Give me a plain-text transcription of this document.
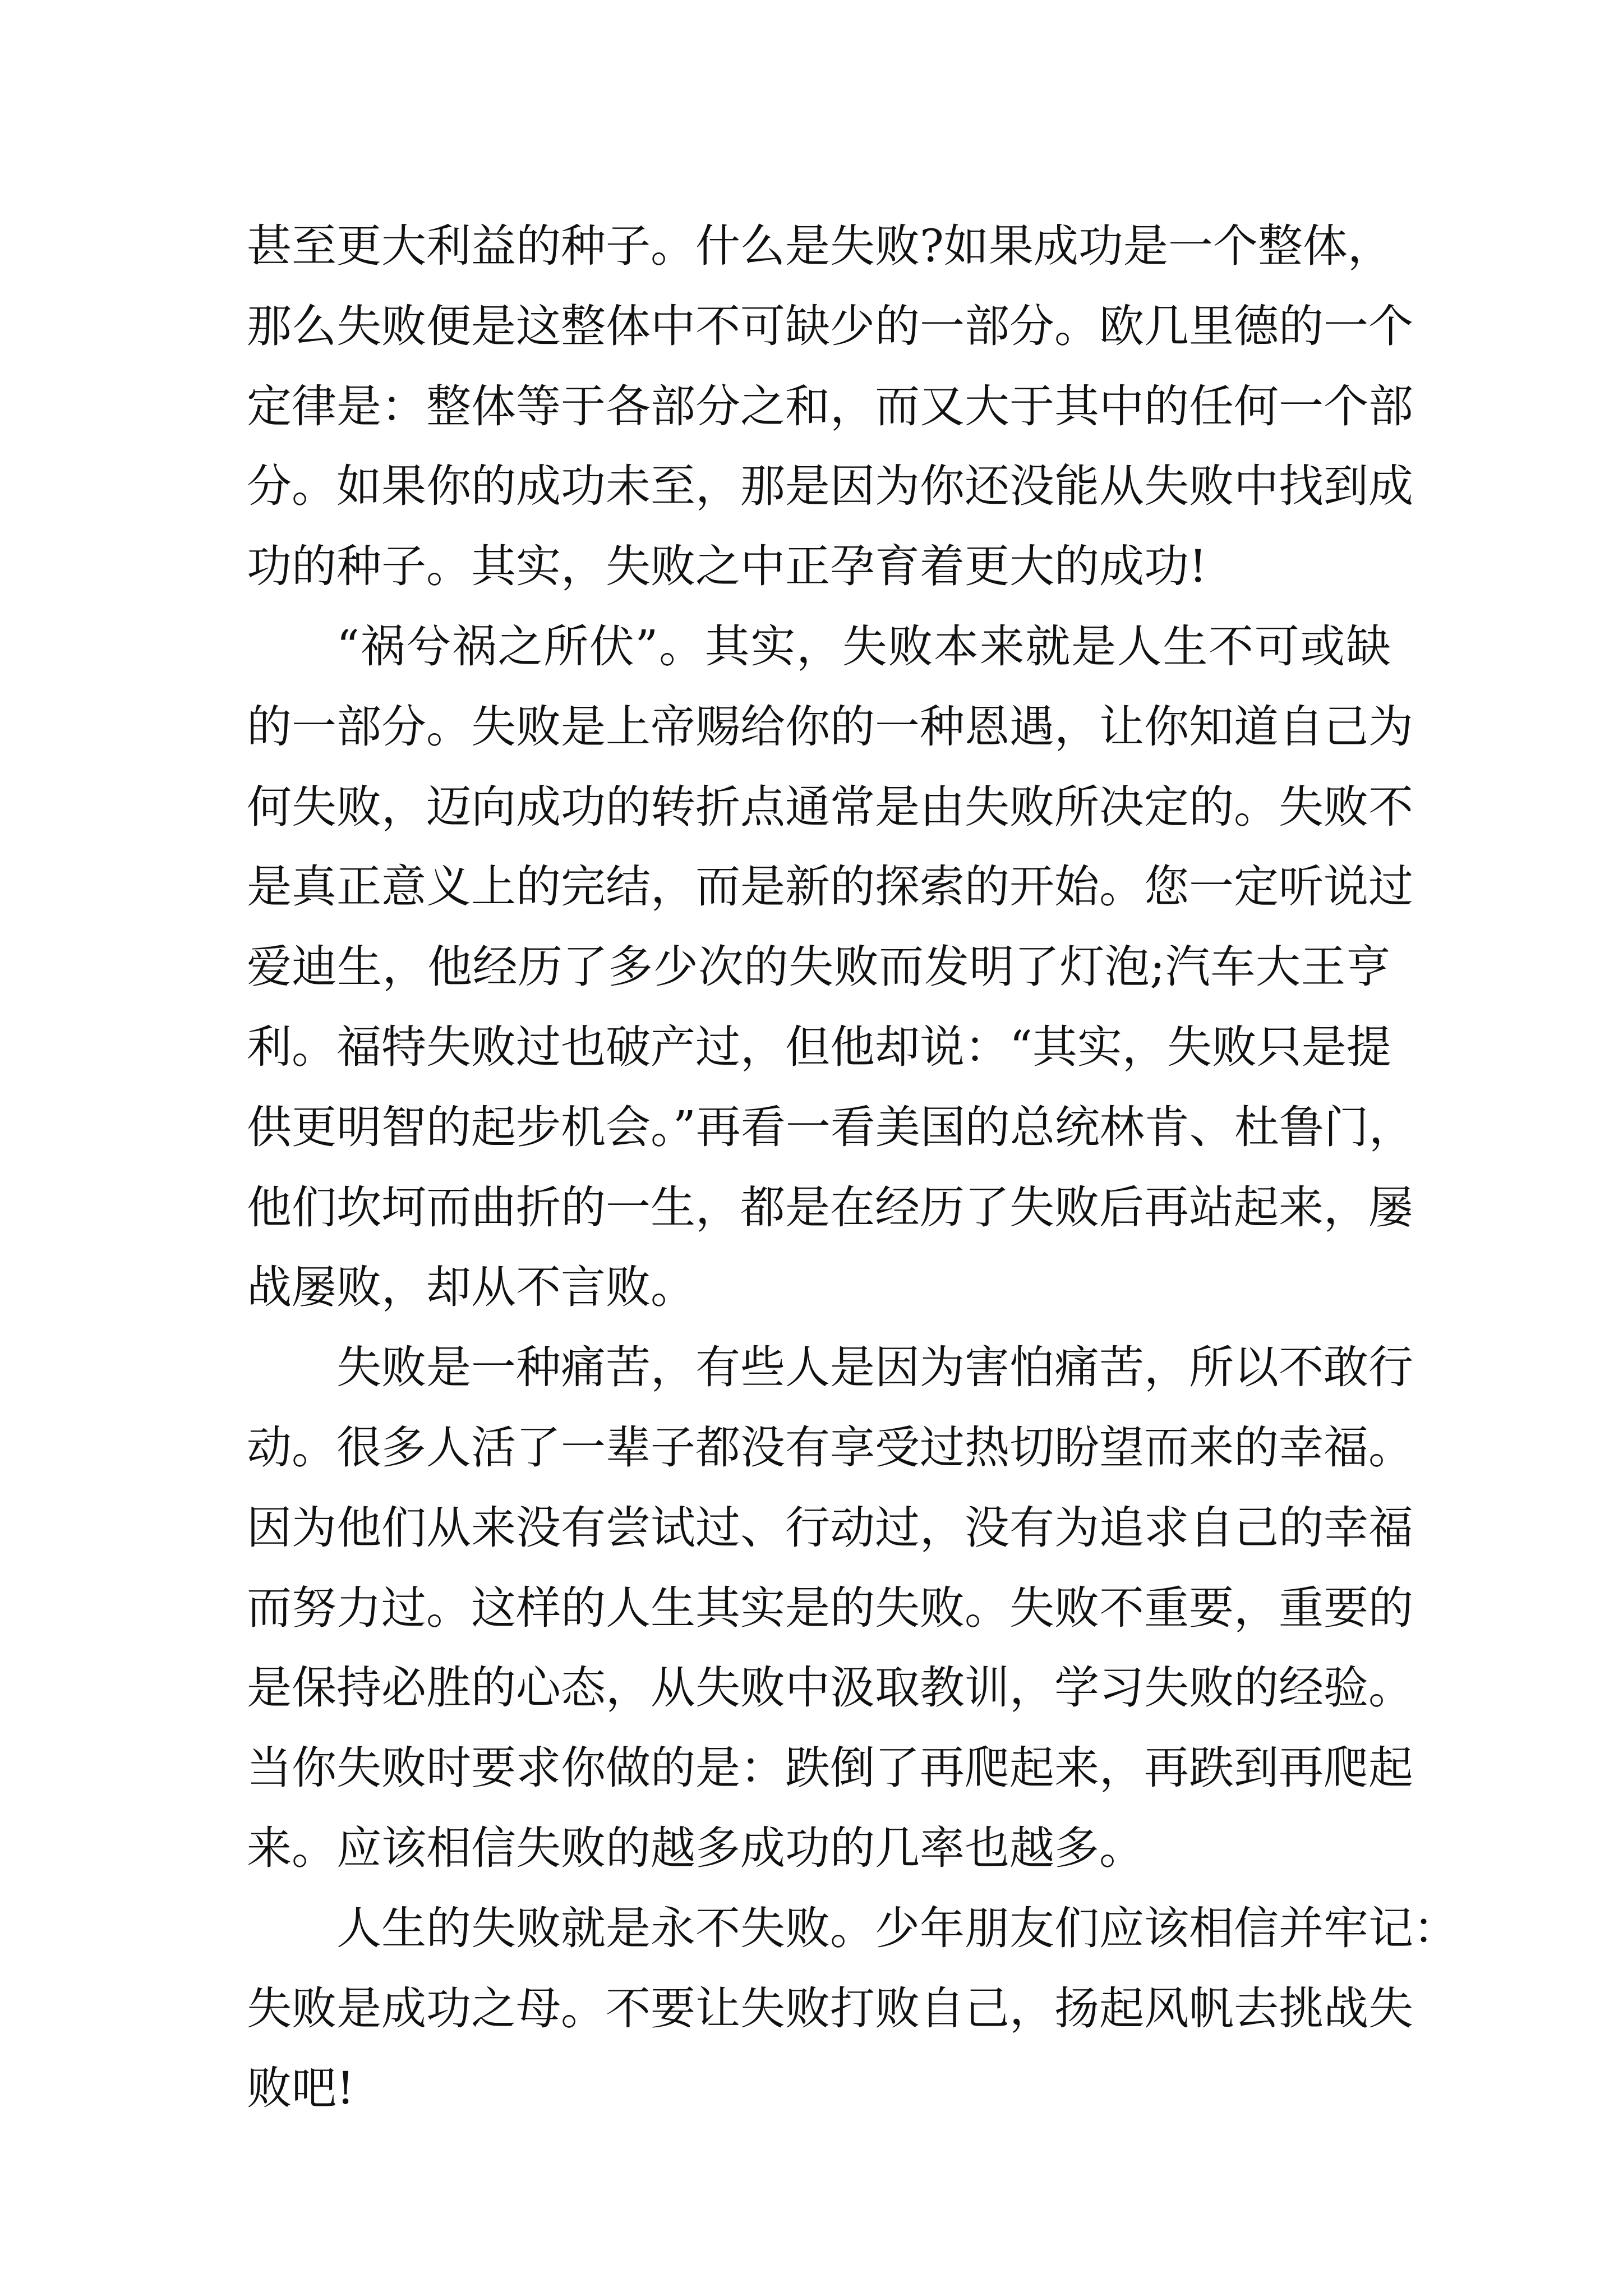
甚至更大利益的种子。什么是失败?如果成功是一个整体，
那么失败便是这整体中不可缺少的一部分。欧几里德的一个
定律是：整体等于各部分之和，而又大于其中的任何一个部
分。如果你的成功未至，那是因为你还没能从失败中找到成
功的种子。其实，失败之中正孕育着更大的成功!
“祸兮祸之所伏”。其实，失败本来就是人生不可或缺
的一部分。失败是上帝赐给你的一种恩遇，让你知道自己为
何失败，迈向成功的转折点通常是由失败所决定的。失败不
是真正意义上的完结，而是新的探索的开始。您一定听说过
爱迪生，他经历了多少次的失败而发明了灯泡;汽车大王亨
利。福特失败过也破产过，但他却说：“其实，失败只是提
供更明智的起步机会。”再看一看美国的总统林肯、杜鲁门，
他们坎坷而曲折的一生，都是在经历了失败后再站起来，屡
战屡败，却从不言败。
失败是一种痛苦，有些人是因为害怕痛苦，所以不敢行
动。很多人活了一辈子都没有享受过热切盼望而来的幸福。
因为他们从来没有尝试过、行动过，没有为追求自己的幸福
而努力过。这样的人生其实是的失败。失败不重要，重要的
是保持必胜的心态，从失败中汲取教训，学习失败的经验。
当你失败时要求你做的是：跌倒了再爬起来，再跌到再爬起
来。应该相信失败的越多成功的几率也越多。
人生的失败就是永不失败。少年朋友们应该相信并牢记：
失败是成功之母。不要让失败打败自己，扬起风帆去挑战失
败吧!
